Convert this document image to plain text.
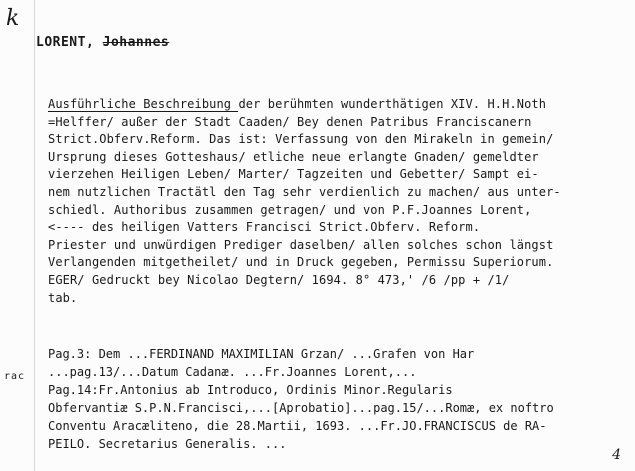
k
LORENT, Johannes
Ausführliche Beschreibung der berühmten wunderthätigen XIV. H.H.Noth
=Helffer/ außer der Stadt Caaden/ Bey denen Patribus Franciscanern
Strict.Obferv.Reform. Das ist: Verfassung von den Mirakeln in gemein/
Ursprung dieses Gotteshaus/ etliche neue erlangte Gnaden/ gemeldter
vierzehen Heiligen Leben/ Marter/ Tagzeiten und Gebetter/ Sampt ei-
nem nutzlichen Tractätl den Tag sehr verdienlich zu machen/ aus unter-
schiedl. Authoribus zusammen getragen/ und von P.F.Joannes Lorent,
<---- des heiligen Vatters Francisci Strict.Obferv. Reform.
Priester und unwürdigen Prediger daselben/ allen solches schon längst
Verlangenden mitgetheilet/ und in Druck gegeben, Permissu Superiorum.
EGER/ Gedruckt bey Nicolao Degtern/ 1694. 8° 473,' /6 /pp + /1/
tab.
Pag.3: Dem ...FERDINAND MAXIMILIAN Grzan/ ...Grafen von Har
...pag.13/...Datum Cadanæ. ...Fr.Joannes Lorent,...
Pag.14:Fr.Antonius ab Introduco, Ordinis Minor.Regularis
Obfervantiæ S.P.N.Francisci,...[Aprobatio]...pag.15/...Romæ, ex noftro
Conventu Aracæliteno, die 28.Martii, 1693. ...Fr.JO.FRANCISCUS de RA-
PEILO. Secretarius Generalis. ...
rac
4
